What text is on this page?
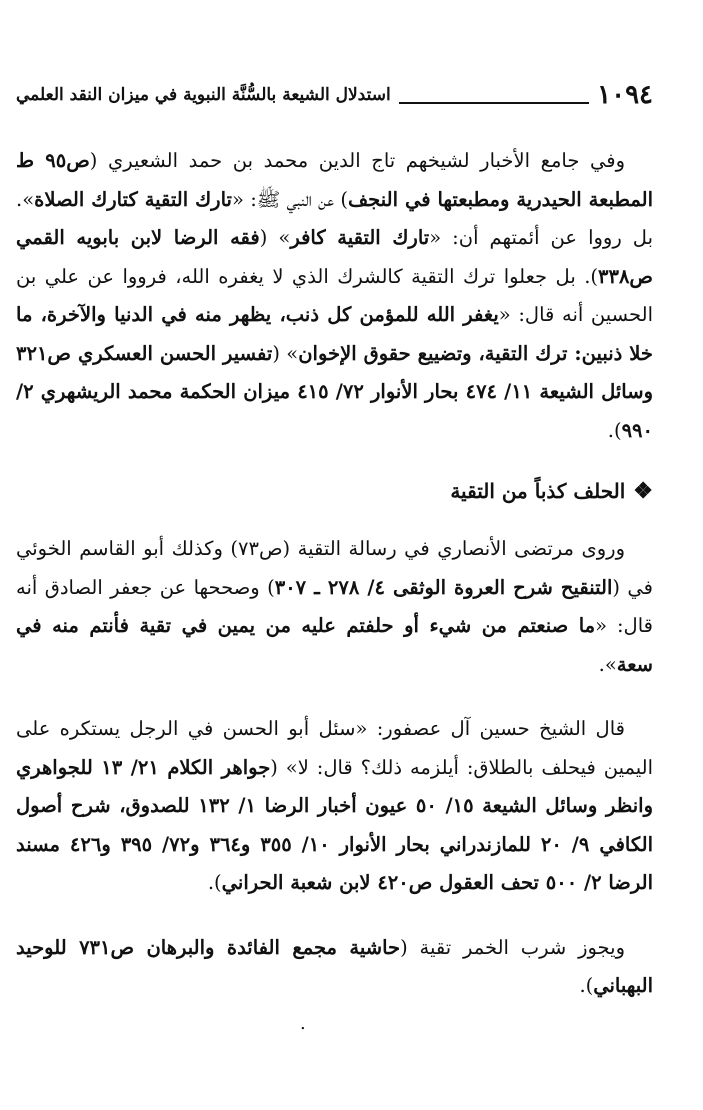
١٠٩٤
استدلال الشيعة بالسُّنَّة النبوية في ميزان النقد العلمي

وفي جامع الأخبار لشيخهم تاج الدين محمد بن حمد الشعيري (ص٩٥ ط المطبعة الحيدرية ومطبعتها في النجف) عن النبي ﷺ: «تارك التقية كتارك الصلاة». بل رووا عن أئمتهم أن: «تارك التقية كافر» (فقه الرضا لابن بابويه القمي ص٣٣٨). بل جعلوا ترك التقية كالشرك الذي لا يغفره الله، فرووا عن علي بن الحسين أنه قال: «يغفر الله للمؤمن كل ذنب، يظهر منه في الدنيا والآخرة، ما خلا ذنبين: ترك التقية، وتضييع حقوق الإخوان» (تفسير الحسن العسكري ص٣٢١ وسائل الشيعة ١١/ ٤٧٤ بحار الأنوار ٧٢/ ٤١٥ ميزان الحكمة محمد الريشهري ٢/ ٩٩٠).

❖
الحلف كذباً من التقية

وروى مرتضى الأنصاري في رسالة التقية (ص٧٣) وكذلك أبو القاسم الخوئي في (التنقيح شرح العروة الوثقى ٤/ ٢٧٨ ـ ٣٠٧) وصححها عن جعفر الصادق أنه قال: «ما صنعتم من شيء أو حلفتم عليه من يمين في تقية فأنتم منه في سعة».

قال الشيخ حسين آل عصفور: «سئل أبو الحسن في الرجل يستكره على اليمين فيحلف بالطلاق: أيلزمه ذلك؟ قال: لا» (جواهر الكلام ٢١/ ١٣ للجواهري وانظر وسائل الشيعة ١٥/ ٥٠ عيون أخبار الرضا ١/ ١٣٢ للصدوق، شرح أصول الكافي ٩/ ٢٠ للمازندراني بحار الأنوار ١٠/ ٣٥٥ و٣٦٤ و٧٢/ ٣٩٥ و٤٢٦ مسند الرضا ٢/ ٥٠٠ تحف العقول ص٤٢٠ لابن شعبة الحراني).

ويجوز شرب الخمر تقية (حاشية مجمع الفائدة والبرهان ص٧٣١ للوحيد البهباني).

.
